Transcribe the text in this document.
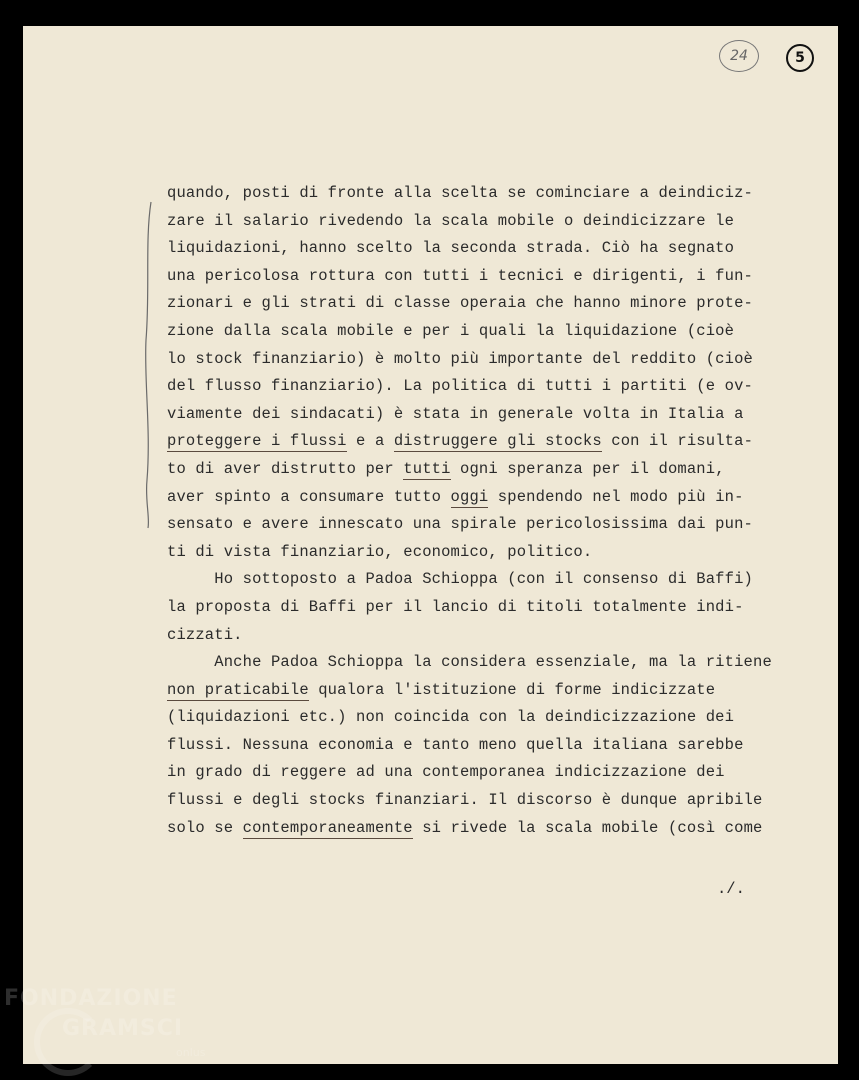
24	5
quando, posti di fronte alla scelta se cominciare a deindiciz-
zare il salario rivedendo la scala mobile o deindicizzare le
liquidazioni, hanno scelto la seconda strada. Ciò ha segnato
una pericolosa rottura con tutti i tecnici e dirigenti, i fun-
zionari e gli strati di classe operaia che hanno minore prote-
zione dalla scala mobile e per i quali la liquidazione (cioè
lo stock finanziario) è molto più importante del reddito (cioè
del flusso finanziario). La politica di tutti i partiti (e ov-
viamente dei sindacati) è stata in generale volta in Italia a
proteggere i flussi e a distruggere gli stocks con il risulta-
to di aver distrutto per tutti ogni speranza per il domani,
aver spinto a consumare tutto oggi spendendo nel modo più in-
sensato e avere innescato una spirale pericolosissima dai pun-
ti di vista finanziario, economico, politico.
Ho sottoposto a Padoa Schioppa (con il consenso di Baffi)
la proposta di Baffi per il lancio di titoli totalmente indi-
cizzati.
Anche Padoa Schioppa la considera essenziale, ma la ritiene
non praticabile qualora l'istituzione di forme indicizzate
(liquidazioni etc.) non coincida con la deindicizzazione dei
flussi. Nessuna economia e tanto meno quella italiana sarebbe
in grado di reggere ad una contemporanea indicizzazione dei
flussi e degli stocks finanziari. Il discorso è dunque apribile
solo se contemporaneamente si rivede la scala mobile (così come
./.
FONDAZIONE
GRAMSCI
onlus
